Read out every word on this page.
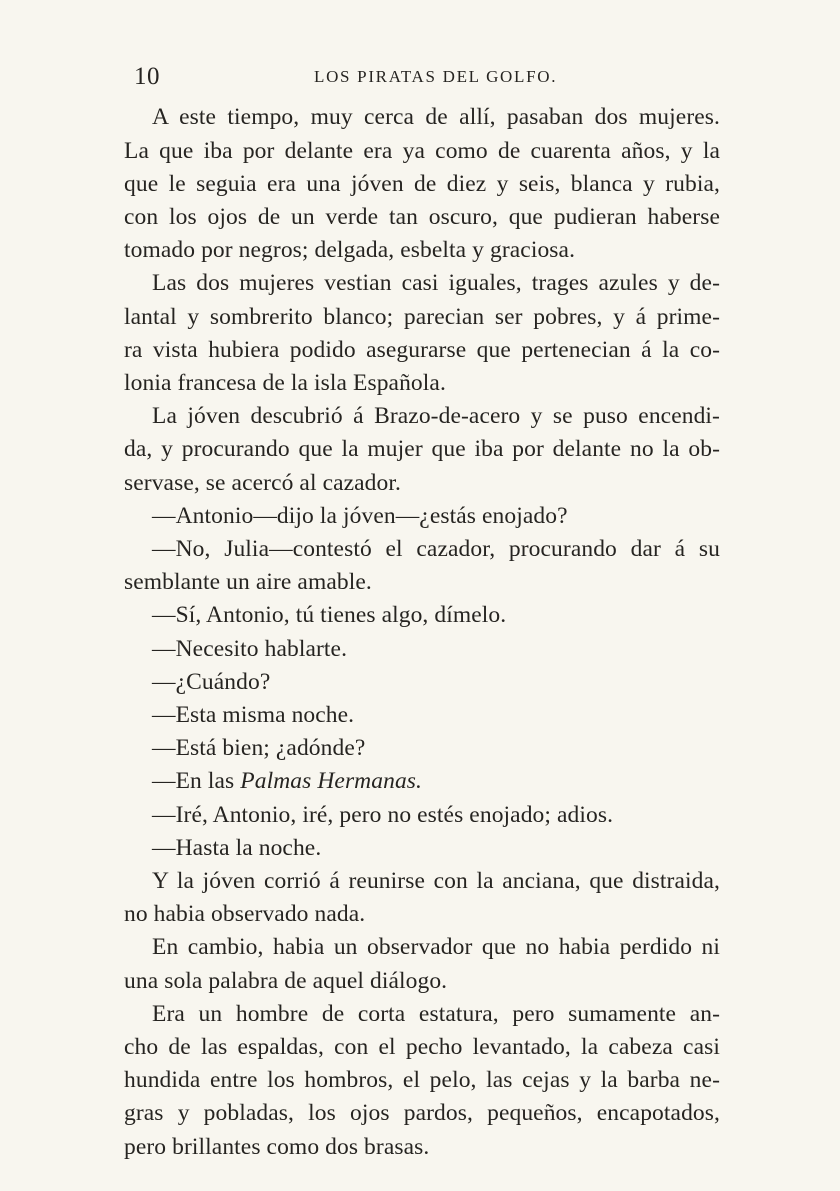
10	LOS PIRATAS DEL GOLFO.
A este tiempo, muy cerca de allí, pasaban dos mujeres.
La que iba por delante era ya como de cuarenta años, y la
que le seguia era una jóven de diez y seis, blanca y rubia,
con los ojos de un verde tan oscuro, que pudieran haberse
tomado por negros; delgada, esbelta y graciosa.
Las dos mujeres vestian casi iguales, trages azules y de-
lantal y sombrerito blanco; parecian ser pobres, y á prime-
ra vista hubiera podido asegurarse que pertenecian á la co-
lonia francesa de la isla Española.
La jóven descubrió á Brazo-de-acero y se puso encendi-
da, y procurando que la mujer que iba por delante no la ob-
servase, se acercó al cazador.
—Antonio—dijo la jóven—¿estás enojado?
—No, Julia—contestó el cazador, procurando dar á su
semblante un aire amable.
—Sí, Antonio, tú tienes algo, dímelo.
—Necesito hablarte.
—¿Cuándo?
—Esta misma noche.
—Está bien; ¿adónde?
—En las Palmas Hermanas.
—Iré, Antonio, iré, pero no estés enojado; adios.
—Hasta la noche.
Y la jóven corrió á reunirse con la anciana, que distraida,
no habia observado nada.
En cambio, habia un observador que no habia perdido ni
una sola palabra de aquel diálogo.
Era un hombre de corta estatura, pero sumamente an-
cho de las espaldas, con el pecho levantado, la cabeza casi
hundida entre los hombros, el pelo, las cejas y la barba ne-
gras y pobladas, los ojos pardos, pequeños, encapotados,
pero brillantes como dos brasas.
